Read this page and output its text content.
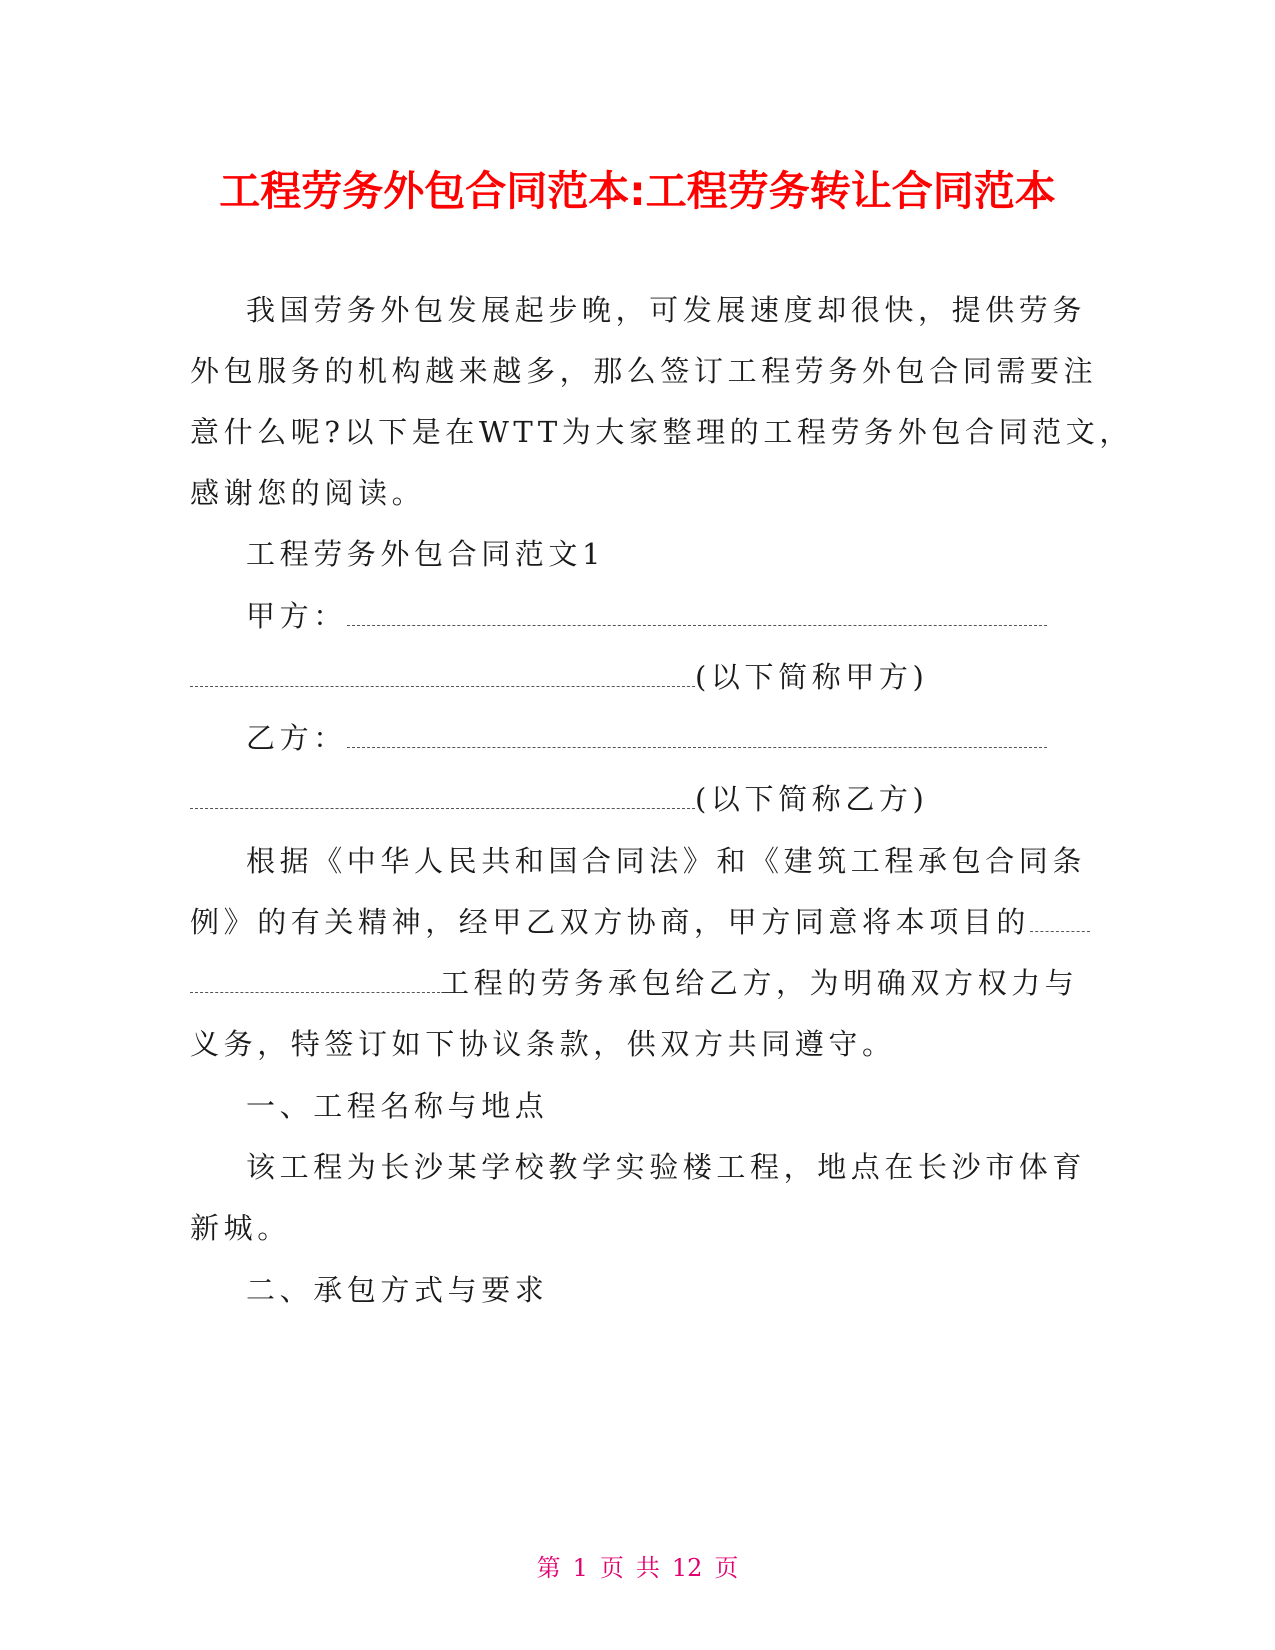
工程劳务外包合同范本:工程劳务转让合同范本
我国劳务外包发展起步晚，可发展速度却很快，提供劳务
外包服务的机构越来越多，那么签订工程劳务外包合同需要注
意什么呢?以下是在WTT为大家整理的工程劳务外包合同范文，
感谢您的阅读。
工程劳务外包合同范文1
甲方：
(以下简称甲方)
乙方：
(以下简称乙方)
根据《中华人民共和国合同法》和《建筑工程承包合同条
例》的有关精神，经甲乙双方协商，甲方同意将本项目的
工程的劳务承包给乙方，为明确双方权力与
义务，特签订如下协议条款，供双方共同遵守。
一、工程名称与地点
该工程为长沙某学校教学实验楼工程，地点在长沙市体育
新城。
二、承包方式与要求
第 1 页 共 12 页
